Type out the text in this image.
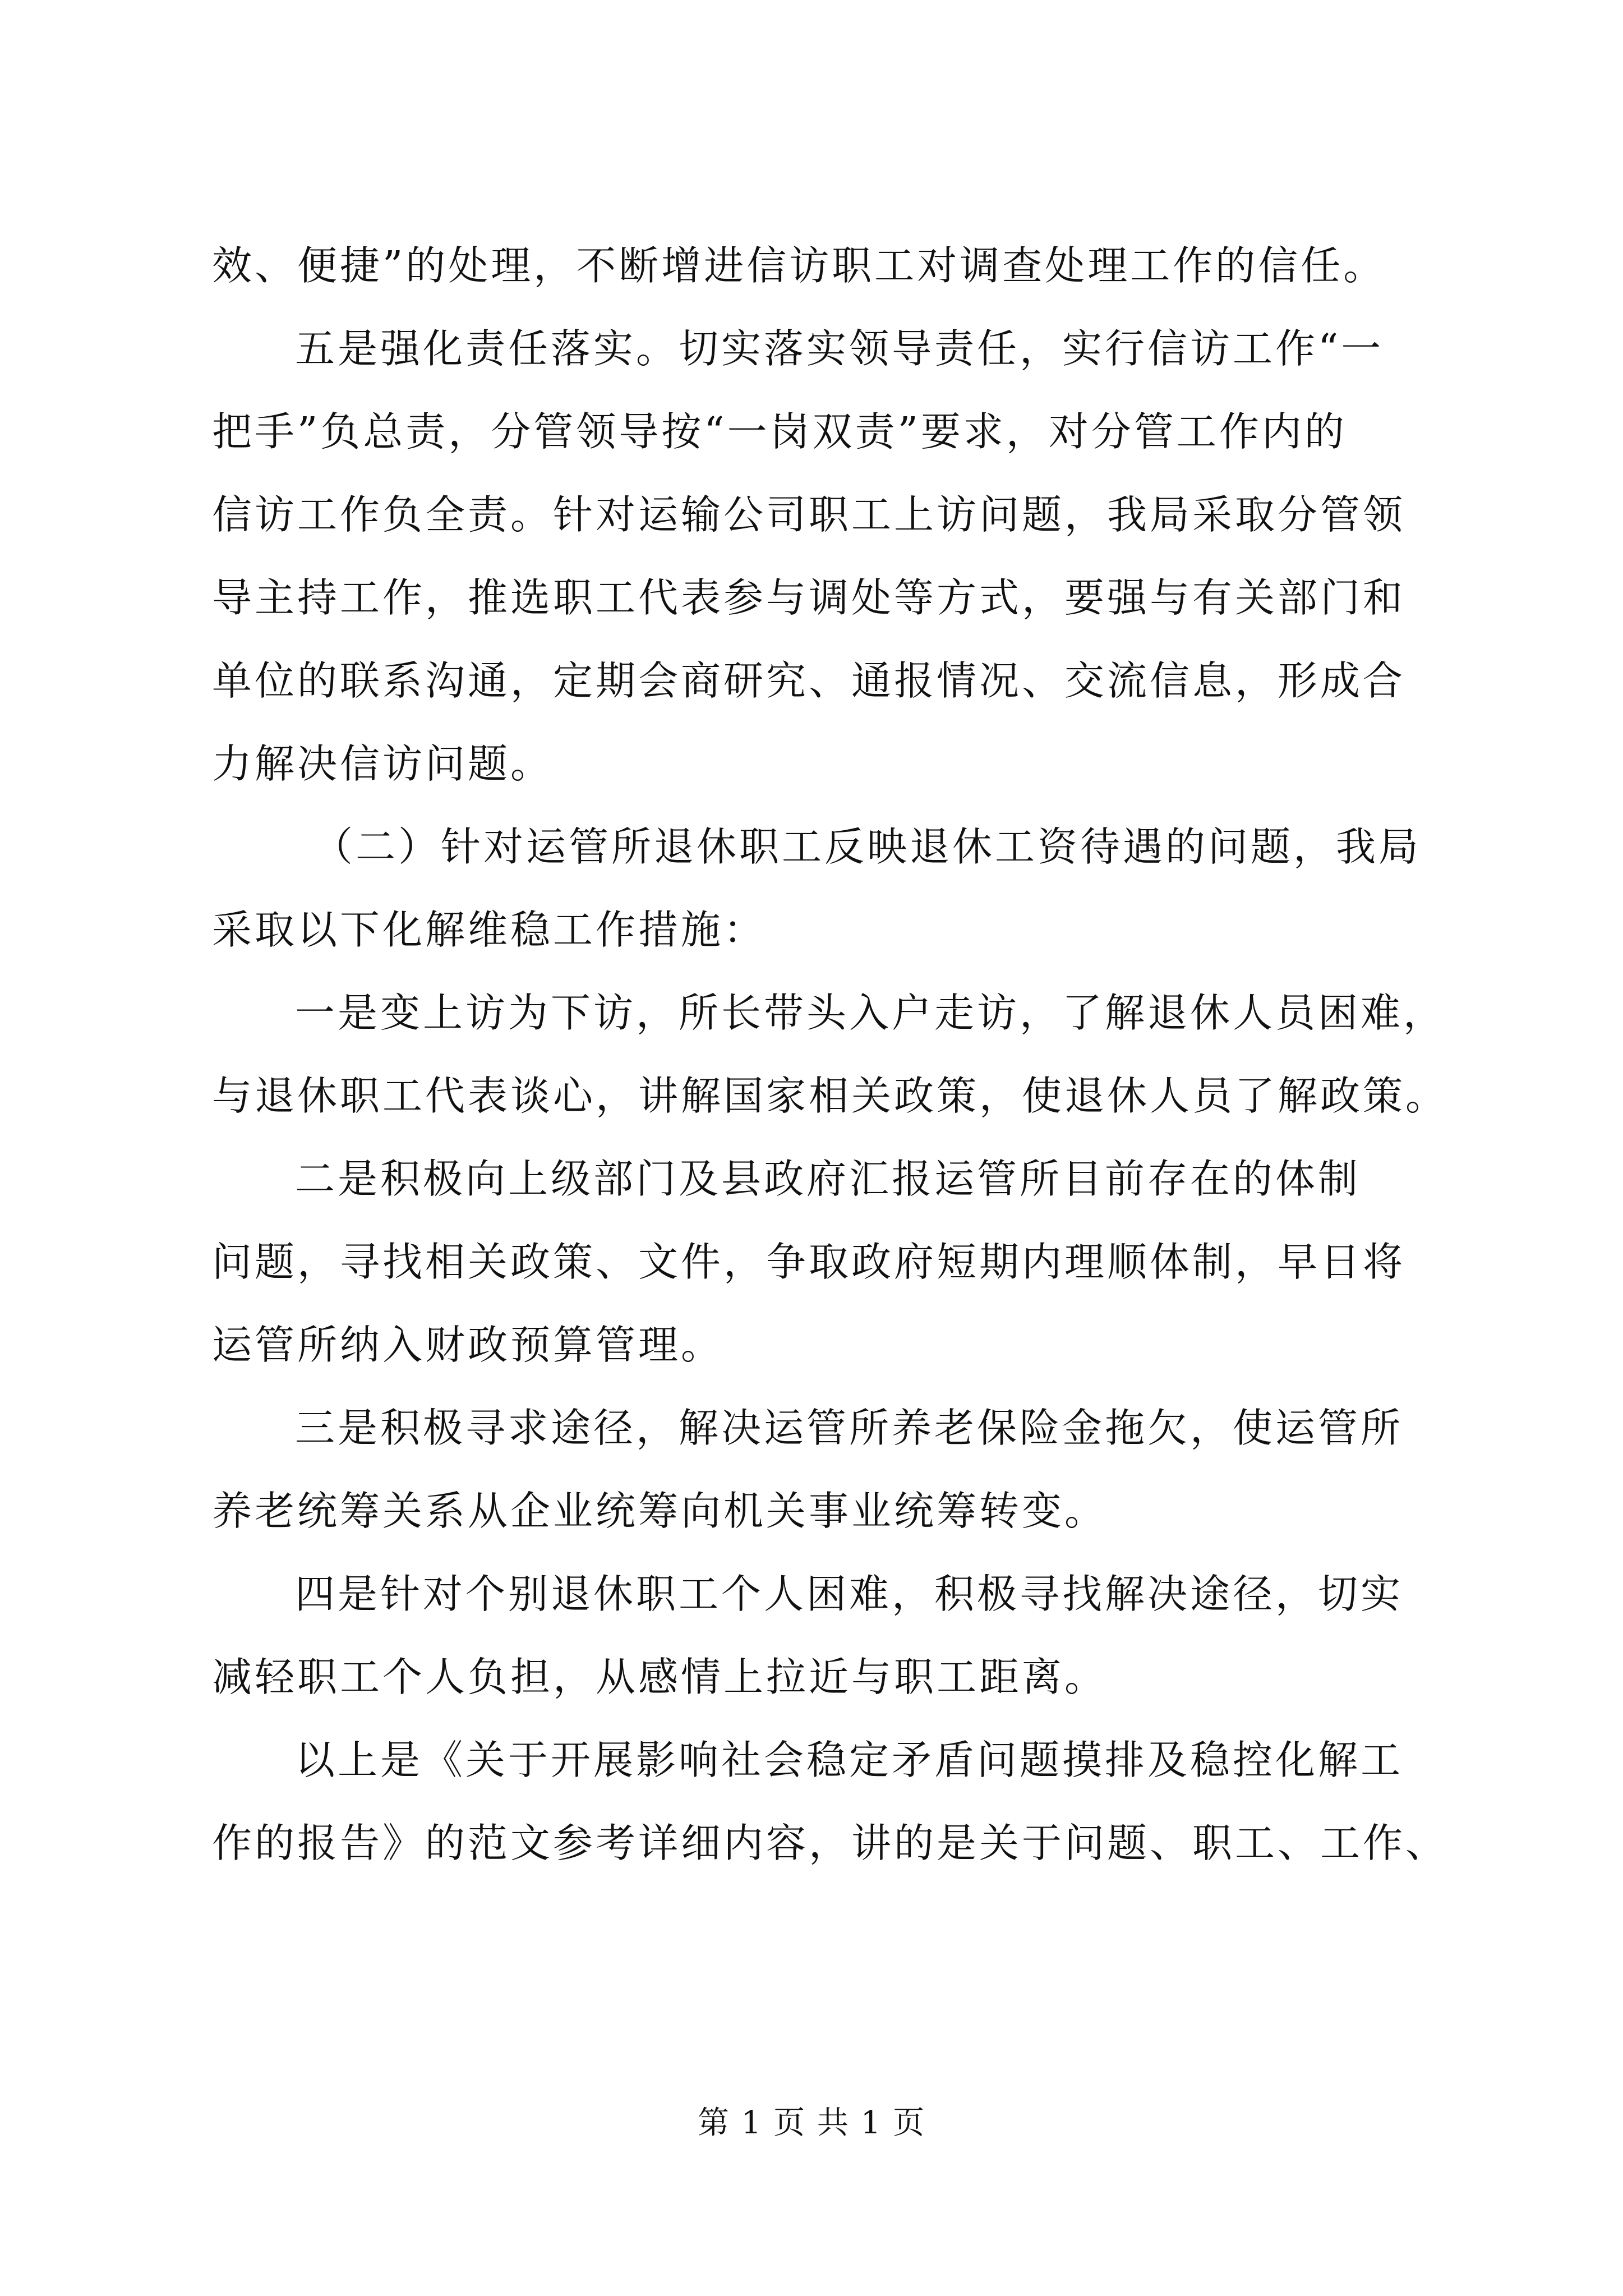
效、便捷”的处理，不断增进信访职工对调查处理工作的信任。
五是强化责任落实。切实落实领导责任，实行信访工作“一
把手”负总责，分管领导按“一岗双责”要求，对分管工作内的
信访工作负全责。针对运输公司职工上访问题，我局采取分管领
导主持工作，推选职工代表参与调处等方式，要强与有关部门和
单位的联系沟通，定期会商研究、通报情况、交流信息，形成合
力解决信访问题。
（二）针对运管所退休职工反映退休工资待遇的问题，我局
采取以下化解维稳工作措施：
一是变上访为下访，所长带头入户走访，了解退休人员困难，
与退休职工代表谈心，讲解国家相关政策，使退休人员了解政策。
二是积极向上级部门及县政府汇报运管所目前存在的体制
问题，寻找相关政策、文件，争取政府短期内理顺体制，早日将
运管所纳入财政预算管理。
三是积极寻求途径，解决运管所养老保险金拖欠，使运管所
养老统筹关系从企业统筹向机关事业统筹转变。
四是针对个别退休职工个人困难，积极寻找解决途径，切实
减轻职工个人负担，从感情上拉近与职工距离。
以上是《关于开展影响社会稳定矛盾问题摸排及稳控化解工
作的报告》的范文参考详细内容，讲的是关于问题、职工、工作、
第 1 页 共 1 页
